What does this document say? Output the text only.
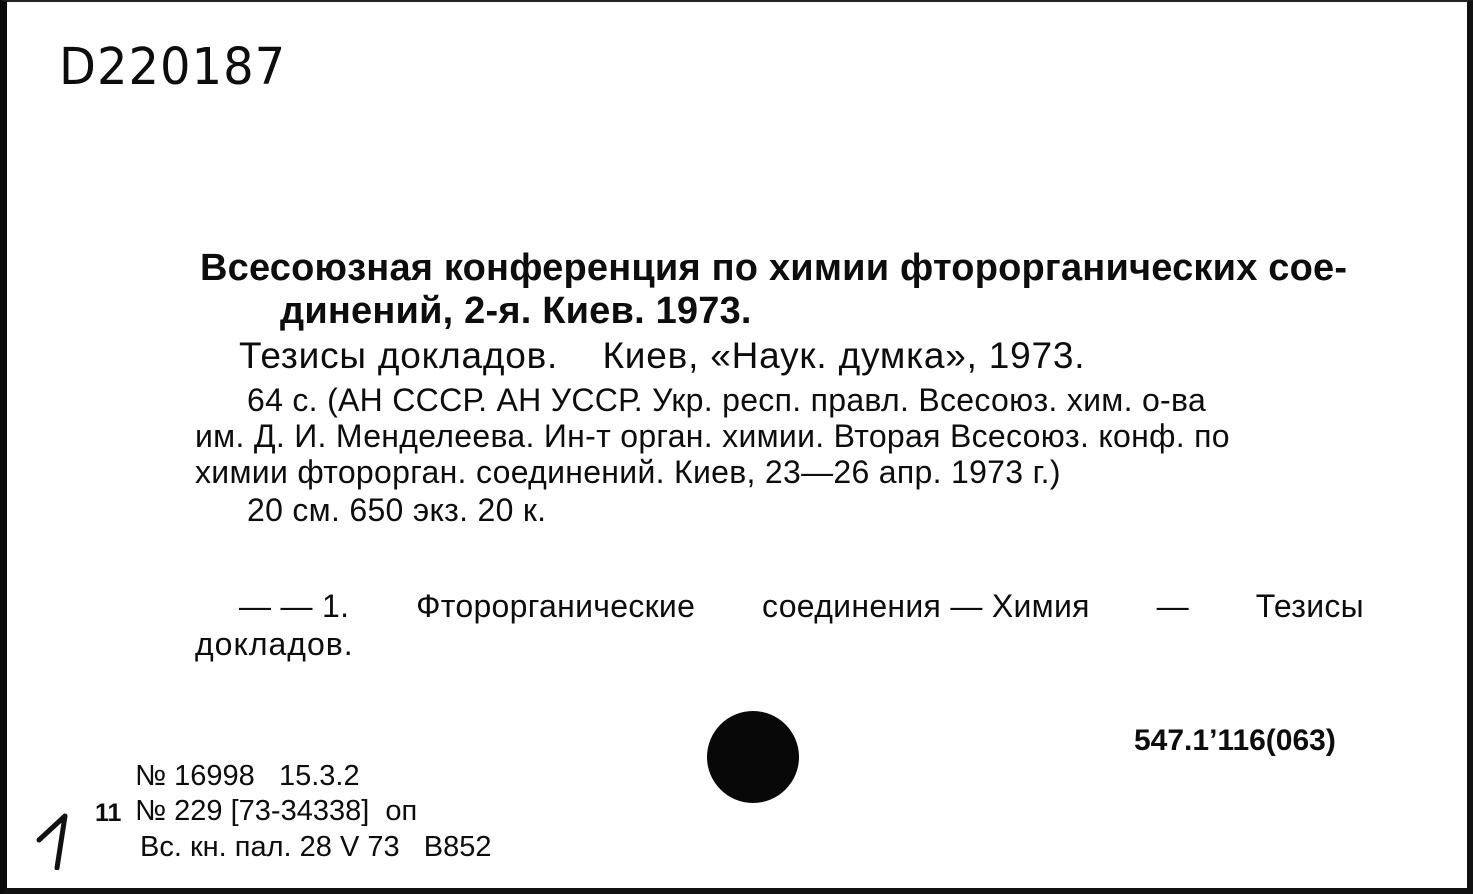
D220187
Всесоюзная конференция по химии фторорганических сое-
динений, 2-я. Киев. 1973.
Тезисы докладов.    Киев, «Наук. думка», 1973.
64 с. (АН СССР. АН УССР. Укр. респ. правл. Всесоюз. хим. о-ва
им. Д. И. Менделеева. Ин-т орган. химии. Вторая Всесоюз. конф. по
химии фторорган. соединений. Киев, 23—26 апр. 1973 г.)
20 см. 650 экз. 20 к.
— — 1. Фторорганические соединения — Химия — Тезисы
докладов.
547.1’116(063)
№ 16998   15.3.2
11 № 229 [73-34338]  оп
Вс. кн. пал. 28 V 73   В852
